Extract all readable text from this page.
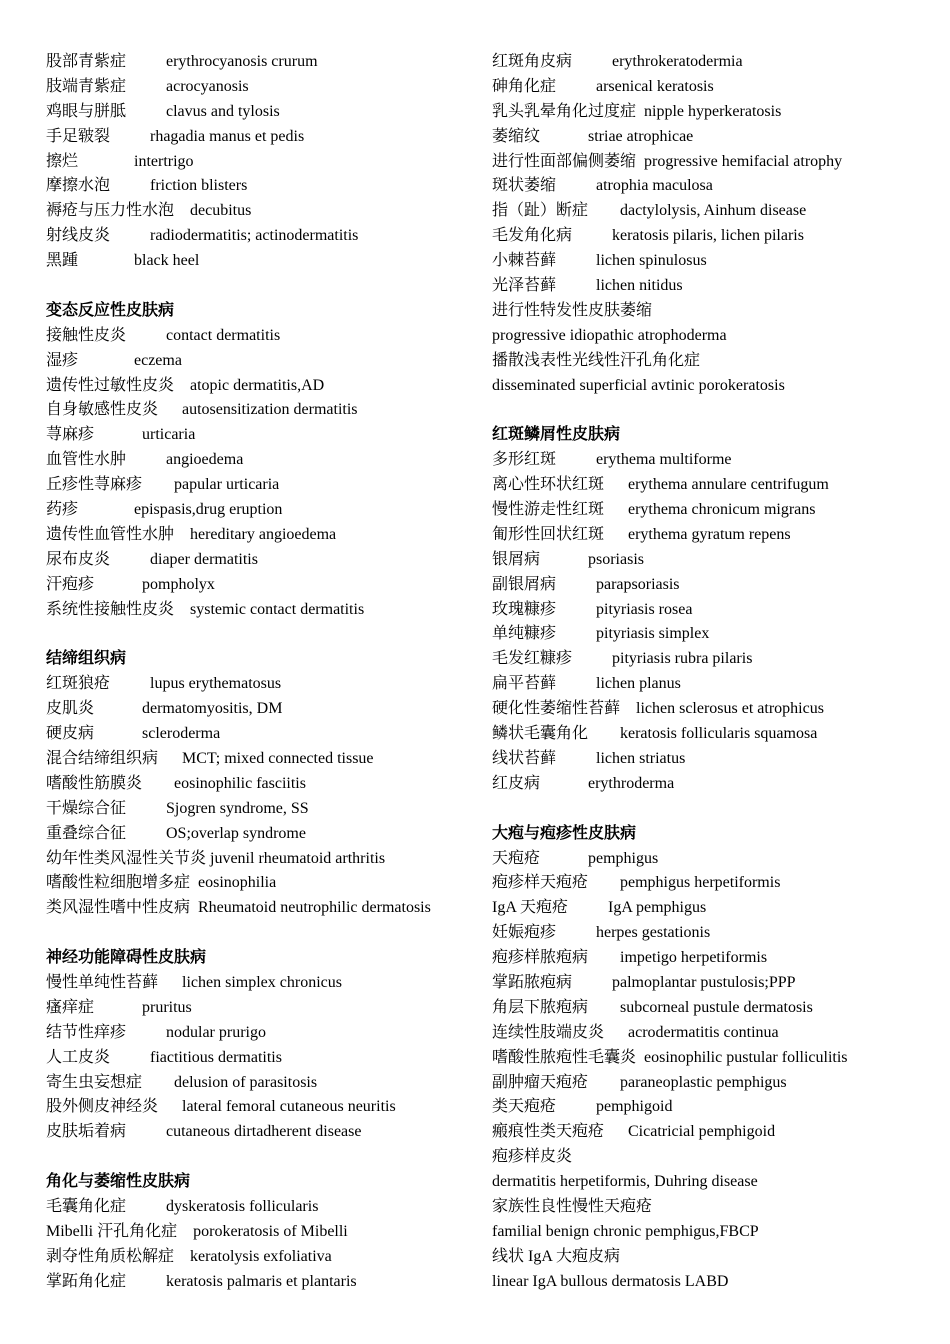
股部青紫症          erythrocyanosis crurum
肢端青紫症          acrocyanosis
鸡眼与胼胝          clavus and tylosis
手足皲裂          rhagadia manus et pedis
擦烂              intertrigo
摩擦水泡          friction blisters
褥疮与压力性水泡    decubitus
射线皮炎          radiodermatitis; actinodermatitis
黑踵              black heel
变态反应性皮肤病
接触性皮炎          contact dermatitis
湿疹              eczema
遗传性过敏性皮炎    atopic dermatitis,AD
自身敏感性皮炎      autosensitization dermatitis
荨麻疹            urticaria
血管性水肿          angioedema
丘疹性荨麻疹        papular urticaria
药疹              epispasis,drug eruption
遗传性血管性水肿    hereditary angioedema
尿布皮炎          diaper dermatitis
汗疱疹            pompholyx
系统性接触性皮炎    systemic contact dermatitis
结缔组织病
红斑狼疮          lupus erythematosus
皮肌炎            dermatomyositis, DM
硬皮病            scleroderma
混合结缔组织病      MCT; mixed connected tissue
嗜酸性筋膜炎        eosinophilic fasciitis
干燥综合征          Sjogren syndrome, SS
重叠综合征          OS;overlap syndrome
幼年性类风湿性关节炎 juvenil rheumatoid arthritis
嗜酸性粒细胞增多症  eosinophilia
类风湿性嗜中性皮病  Rheumatoid neutrophilic dermatosis
神经功能障碍性皮肤病
慢性单纯性苔藓      lichen simplex chronicus
瘙痒症            pruritus
结节性痒疹          nodular prurigo
人工皮炎          fiactitious dermatitis
寄生虫妄想症        delusion of parasitosis
股外侧皮神经炎      lateral femoral cutaneous neuritis
皮肤垢着病          cutaneous dirtadherent disease
角化与萎缩性皮肤病
毛囊角化症          dyskeratosis follicularis
Mibelli 汗孔角化症    porokeratosis of Mibelli
剥夺性角质松解症    keratolysis exfoliativa
掌跖角化症          keratosis palmaris et plantaris
红斑角皮病          erythrokeratodermia
砷角化症          arsenical keratosis
乳头乳晕角化过度症  nipple hyperkeratosis
萎缩纹            striae atrophicae
进行性面部偏侧萎缩  progressive hemifacial atrophy
斑状萎缩          atrophia maculosa
指（趾）断症        dactylolysis, Ainhum disease
毛发角化病          keratosis pilaris, lichen pilaris
小棘苔藓          lichen spinulosus
光泽苔藓          lichen nitidus
进行性特发性皮肤萎缩
progressive idiopathic atrophoderma
播散浅表性光线性汗孔角化症
disseminated superficial avtinic porokeratosis
红斑鳞屑性皮肤病
多形红斑          erythema multiforme
离心性环状红斑      erythema annulare centrifugum
慢性游走性红斑      erythema chronicum migrans
匍形性回状红斑      erythema gyratum repens
银屑病            psoriasis
副银屑病          parapsoriasis
玫瑰糠疹          pityriasis rosea
单纯糠疹          pityriasis simplex
毛发红糠疹          pityriasis rubra pilaris
扁平苔藓          lichen planus
硬化性萎缩性苔藓    lichen sclerosus et atrophicus
鳞状毛囊角化        keratosis follicularis squamosa
线状苔藓          lichen striatus
红皮病            erythroderma
大疱与疱疹性皮肤病
天疱疮            pemphigus
疱疹样天疱疮        pemphigus herpetiformis
IgA 天疱疮          IgA pemphigus
妊娠疱疹          herpes gestationis
疱疹样脓疱病        impetigo herpetiformis
掌跖脓疱病          palmoplantar pustulosis;PPP
角层下脓疱病        subcorneal pustule dermatosis
连续性肢端皮炎      acrodermatitis continua
嗜酸性脓疱性毛囊炎  eosinophilic pustular folliculitis
副肿瘤天疱疮        paraneoplastic pemphigus
类天疱疮          pemphigoid
瘢痕性类天疱疮      Cicatricial pemphigoid
疱疹样皮炎
dermatitis herpetiformis, Duhring disease
家族性良性慢性天疱疮
familial benign chronic pemphigus,FBCP
线状 IgA 大疱皮病
linear IgA bullous dermatosis LABD
